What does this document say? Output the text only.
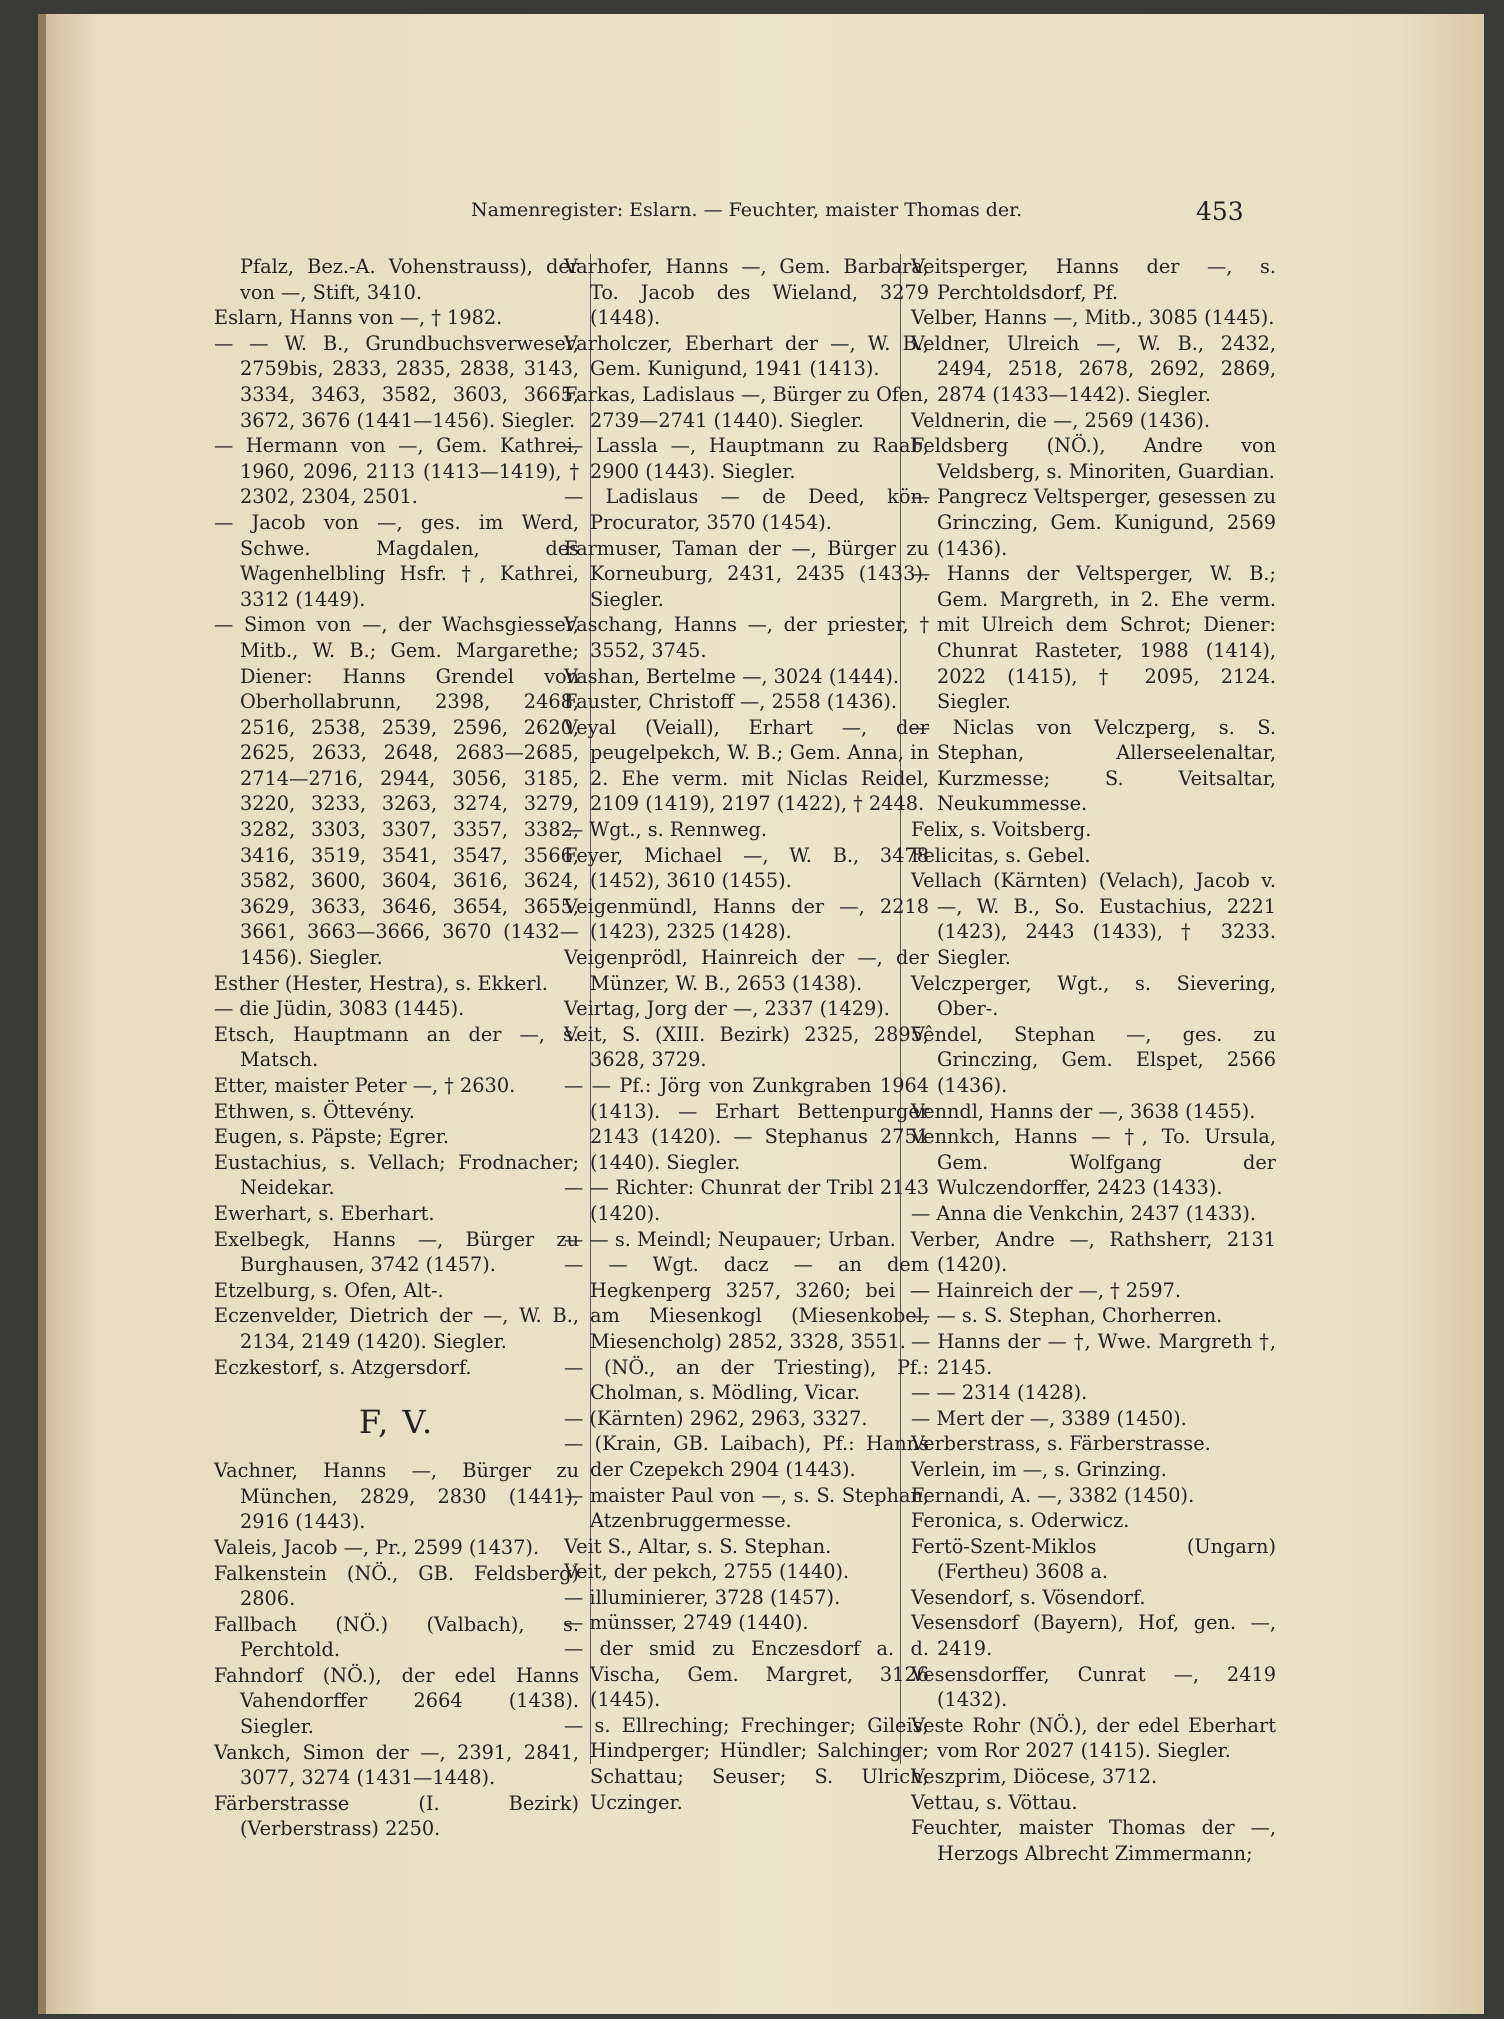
Namenregister: Eslarn. — Feuchter, maister Thomas der.	453

Pfalz, Bez.-A. Vohenstrauss), der von —, Stift, 3410.

Eslarn, Hanns von —, † 1982.

— — W. B., Grundbuchsverweser, 2759bis, 2833, 2835, 2838, 3143, 3334, 3463, 3582, 3603, 3665, 3672, 3676 (1441—1456). Siegler.

— Hermann von —, Gem. Kathrei, 1960, 2096, 2113 (1413—1419), † 2302, 2304, 2501.

— Jacob von —, ges. im Werd, Schwe. Magdalen, des Wagenhelbling Hsfr. †, Kathrei, 3312 (1449).

— Simon von —, der Wachsgiesser, Mitb., W. B.; Gem. Margarethe; Diener: Hanns Grendel von Oberhollabrunn, 2398, 2468, 2516, 2538, 2539, 2596, 2620, 2625, 2633, 2648, 2683—2685, 2714—2716, 2944, 3056, 3185, 3220, 3233, 3263, 3274, 3279, 3282, 3303, 3307, 3357, 3382, 3416, 3519, 3541, 3547, 3566, 3582, 3600, 3604, 3616, 3624, 3629, 3633, 3646, 3654, 3655, 3661, 3663—3666, 3670 (1432—1456). Siegler.

Esther (Hester, Hestra), s. Ekkerl.

— die Jüdin, 3083 (1445).

Etsch, Hauptmann an der —, s. Matsch.

Etter, maister Peter —, † 2630.

Ethwen, s. Öttevény.

Eugen, s. Päpste; Egrer.

Eustachius, s. Vellach; Frodnacher; Neidekar.

Ewerhart, s. Eberhart.

Exelbegk, Hanns —, Bürger zu Burghausen, 3742 (1457).

Etzelburg, s. Ofen, Alt-.

Eczenvelder, Dietrich der —, W. B., 2134, 2149 (1420). Siegler.

Eczkestorf, s. Atzgersdorf.

F, V.

Vachner, Hanns —, Bürger zu München, 2829, 2830 (1441), 2916 (1443).

Valeis, Jacob —, Pr., 2599 (1437).

Falkenstein (NÖ., GB. Feldsberg) 2806.

Fallbach (NÖ.) (Valbach), s. Perchtold.

Fahndorf (NÖ.), der edel Hanns Vahendorffer 2664 (1438). Siegler.

Vankch, Simon der —, 2391, 2841, 3077, 3274 (1431—1448).

Färberstrasse (I. Bezirk) (Verberstrass) 2250.

Varhofer, Hanns —, Gem. Barbara, To. Jacob des Wieland, 3279 (1448).

Varholczer, Eberhart der —, W. B., Gem. Kunigund, 1941 (1413).

Farkas, Ladislaus —, Bürger zu Ofen, 2739—2741 (1440). Siegler.

— Lassla —, Hauptmann zu Raab, 2900 (1443). Siegler.

— Ladislaus — de Deed, kön. Procurator, 3570 (1454).

Farmuser, Taman der —, Bürger zu Korneuburg, 2431, 2435 (1433). Siegler.

Vaschang, Hanns —, der priester, † 3552, 3745.

Vashan, Bertelme —, 3024 (1444).

Fauster, Christoff —, 2558 (1436).

Veyal (Veiall), Erhart —, der peugelpekch, W. B.; Gem. Anna, in 2. Ehe verm. mit Niclas Reidel, 2109 (1419), 2197 (1422), † 2448.

— Wgt., s. Rennweg.

Feyer, Michael —, W. B., 3478 (1452), 3610 (1455).

Veigenmündl, Hanns der —, 2218 (1423), 2325 (1428).

Veigenprödl, Hainreich der —, der Münzer, W. B., 2653 (1438).

Veirtag, Jorg der —, 2337 (1429).

Veit, S. (XIII. Bezirk) 2325, 2895, 3628, 3729.

— — Pf.: Jörg von Zunkgraben 1964 (1413). — Erhart Bettenpurger 2143 (1420). — Stephanus 2751 (1440). Siegler.

— — Richter: Chunrat der Tribl 2143 (1420).

— — s. Meindl; Neupauer; Urban.

— — Wgt. dacz — an dem Hegkenperg 3257, 3260; bei — am Miesenkogl (Miesenkobel, Miesencholg) 2852, 3328, 3551.

— (NÖ., an der Triesting), Pf.: Cholman, s. Mödling, Vicar.

— (Kärnten) 2962, 2963, 3327.

— (Krain, GB. Laibach), Pf.: Hanns der Czepekch 2904 (1443).

— maister Paul von —, s. S. Stephan, Atzenbruggermesse.

Veit S., Altar, s. S. Stephan.

Veit, der pekch, 2755 (1440).

— illuminierer, 3728 (1457).

— münsser, 2749 (1440).

— der smid zu Enczesdorf a. d. Vischa, Gem. Margret, 3126 (1445).

— s. Ellreching; Frechinger; Gileis; Hindperger; Hündler; Salchinger; Schattau; Seuser; S. Ulrich; Uczinger.

Veitsperger, Hanns der —, s. Perchtoldsdorf, Pf.

Velber, Hanns —, Mitb., 3085 (1445).

Veldner, Ulreich —, W. B., 2432, 2494, 2518, 2678, 2692, 2869, 2874 (1433—1442). Siegler.

Veldnerin, die —, 2569 (1436).

Feldsberg (NÖ.), Andre von Veldsberg, s. Minoriten, Guardian.

— Pangrecz Veltsperger, gesessen zu Grinczing, Gem. Kunigund, 2569 (1436).

— Hanns der Veltsperger, W. B.; Gem. Margreth, in 2. Ehe verm. mit Ulreich dem Schrot; Diener: Chunrat Rasteter, 1988 (1414), 2022 (1415), † 2095, 2124. Siegler.

— Niclas von Velczperg, s. S. Stephan, Allerseelenaltar, Kurzmesse; S. Veitsaltar, Neukummesse.

Felix, s. Voitsberg.

Felicitas, s. Gebel.

Vellach (Kärnten) (Velach), Jacob v. —, W. B., So. Eustachius, 2221 (1423), 2443 (1433), † 3233. Siegler.

Velczperger, Wgt., s. Sievering, Ober-.

Vêndel, Stephan —, ges. zu Grinczing, Gem. Elspet, 2566 (1436).

Venndl, Hanns der —, 3638 (1455).

Vennkch, Hanns — †, To. Ursula, Gem. Wolfgang der Wulczendorffer, 2423 (1433).

— Anna die Venkchin, 2437 (1433).

Verber, Andre —, Rathsherr, 2131 (1420).

— Hainreich der —, † 2597.

— — s. S. Stephan, Chorherren.

— Hanns der — †, Wwe. Margreth †, 2145.

— — 2314 (1428).

— Mert der —, 3389 (1450).

Verberstrass, s. Färberstrasse.

Verlein, im —, s. Grinzing.

Fernandi, A. —, 3382 (1450).

Feronica, s. Oderwicz.

Fertö-Szent-Miklos (Ungarn) (Fertheu) 3608 a.

Vesendorf, s. Vösendorf.

Vesensdorf (Bayern), Hof, gen. —, 2419.

Vesensdorffer, Cunrat —, 2419 (1432).

Veste Rohr (NÖ.), der edel Eberhart vom Ror 2027 (1415). Siegler.

Veszprim, Diöcese, 3712.

Vettau, s. Vöttau.

Feuchter, maister Thomas der —, Herzogs Albrecht Zimmermann;
